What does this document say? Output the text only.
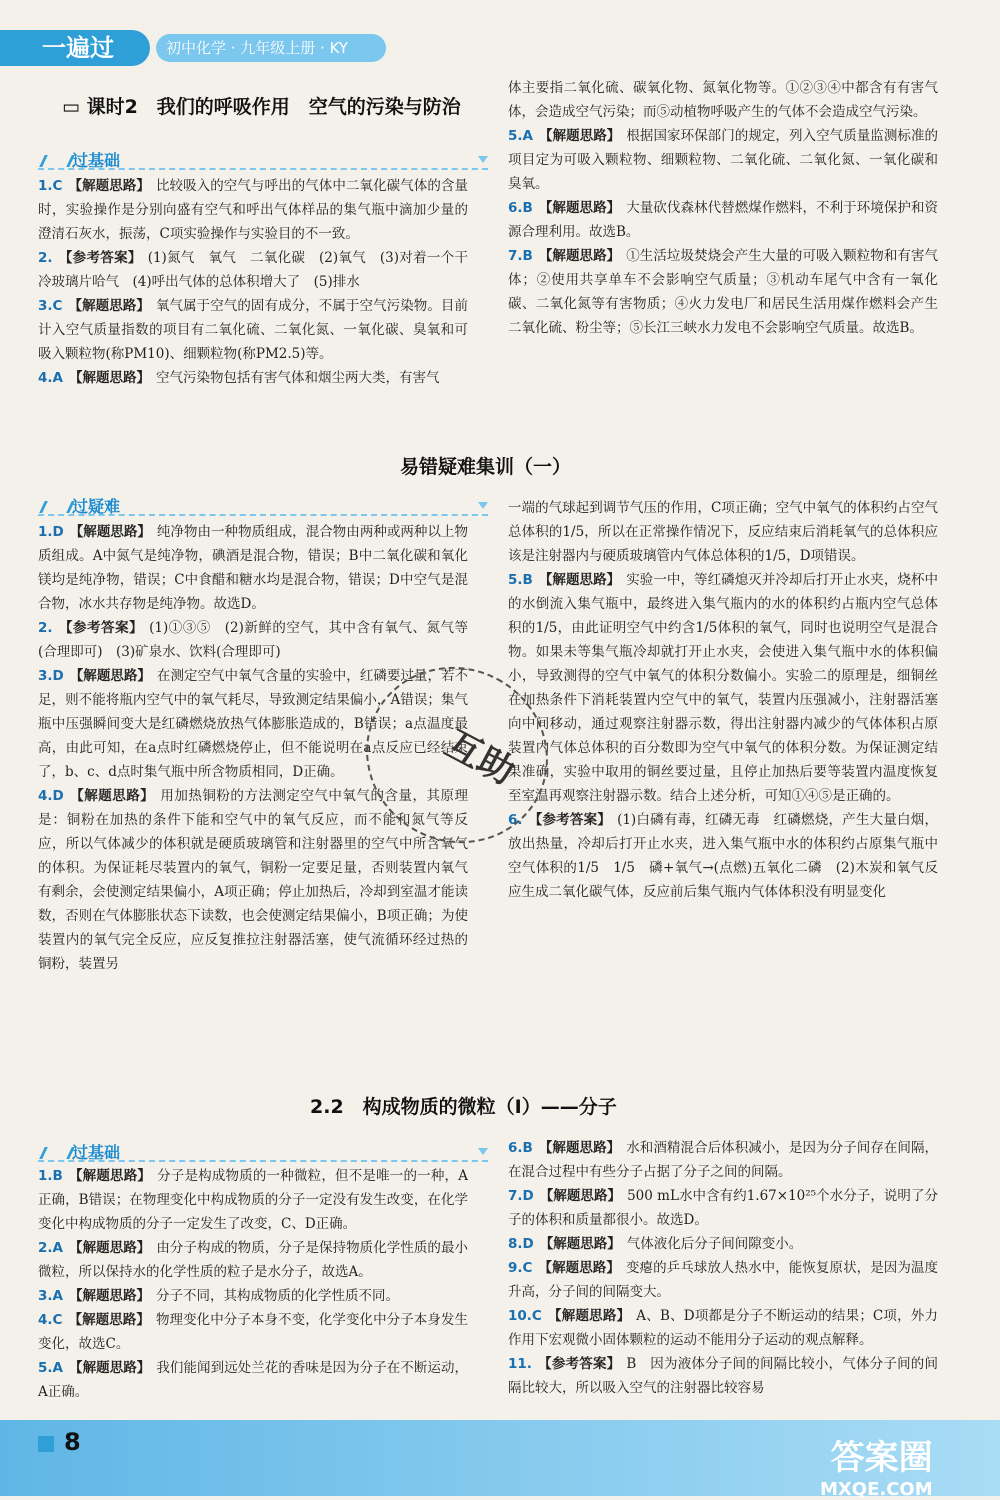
一遍过	初中化学 · 九年级上册 · KY
▭ 课时2　我们的呼吸作用　空气的污染与防治
过基础

1.C 【解题思路】 比较吸入的空气与呼出的气体中二氧化碳气体的含量时，实验操作是分别向盛有空气和呼出气体样品的集气瓶中滴加少量的澄清石灰水，振荡，C项实验操作与实验目的不一致。

2. 【参考答案】 (1)氮气　氧气　二氧化碳　(2)氧气　(3)对着一个干冷玻璃片哈气　(4)呼出气体的总体积增大了　(5)排水

3.C 【解题思路】 氧气属于空气的固有成分，不属于空气污染物。目前计入空气质量指数的项目有二氧化硫、二氧化氮、一氧化碳、臭氧和可吸入颗粒物(称PM10)、细颗粒物(称PM2.5)等。

4.A 【解题思路】 空气污染物包括有害气体和烟尘两大类，有害气

体主要指二氧化硫、碳氧化物、氮氧化物等。①②③④中都含有有害气体，会造成空气污染；而⑤动植物呼吸产生的气体不会造成空气污染。

5.A 【解题思路】 根据国家环保部门的规定，列入空气质量监测标准的项目定为可吸入颗粒物、细颗粒物、二氧化硫、二氧化氮、一氧化碳和臭氧。

6.B 【解题思路】 大量砍伐森林代替燃煤作燃料，不利于环境保护和资源合理利用。故选B。

7.B 【解题思路】 ①生活垃圾焚烧会产生大量的可吸入颗粒物和有害气体；②使用共享单车不会影响空气质量；③机动车尾气中含有一氧化碳、二氧化氮等有害物质；④火力发电厂和居民生活用煤作燃料会产生二氧化硫、粉尘等；⑤长江三峡水力发电不会影响空气质量。故选B。

易错疑难集训（一）
过疑难

1.D 【解题思路】 纯净物由一种物质组成，混合物由两种或两种以上物质组成。A中氮气是纯净物，碘酒是混合物，错误；B中二氧化碳和氧化镁均是纯净物，错误；C中食醋和糖水均是混合物，错误；D中空气是混合物，冰水共存物是纯净物。故选D。

2. 【参考答案】 (1)①③⑤　(2)新鲜的空气，其中含有氧气、氮气等(合理即可)　(3)矿泉水、饮料(合理即可)

3.D 【解题思路】 在测定空气中氧气含量的实验中，红磷要过量，若不足，则不能将瓶内空气中的氧气耗尽，导致测定结果偏小，A错误；集气瓶中压强瞬间变大是红磷燃烧放热气体膨胀造成的，B错误；a点温度最高，由此可知，在a点时红磷燃烧停止，但不能说明在a点反应已经结束了，b、c、d点时集气瓶中所含物质相同，D正确。

4.D 【解题思路】 用加热铜粉的方法测定空气中氧气的含量，其原理是：铜粉在加热的条件下能和空气中的氧气反应，而不能和氮气等反应，所以气体减少的体积就是硬质玻璃管和注射器里的空气中所含氧气的体积。为保证耗尽装置内的氧气，铜粉一定要足量，否则装置内氧气有剩余，会使测定结果偏小，A项正确；停止加热后，冷却到室温才能读数，否则在气体膨胀状态下读数，也会使测定结果偏小，B项正确；为使装置内的氧气完全反应，应反复推拉注射器活塞，使气流循环经过热的铜粉，装置另

一端的气球起到调节气压的作用，C项正确；空气中氧气的体积约占空气总体积的1/5，所以在正常操作情况下，反应结束后消耗氧气的总体积应该是注射器内与硬质玻璃管内气体总体积的1/5，D项错误。

5.B 【解题思路】 实验一中，等红磷熄灭并冷却后打开止水夹，烧杯中的水倒流入集气瓶中，最终进入集气瓶内的水的体积约占瓶内空气总体积的1/5，由此证明空气中约含1/5体积的氧气，同时也说明空气是混合物。如果未等集气瓶冷却就打开止水夹，会使进入集气瓶中水的体积偏小，导致测得的空气中氧气的体积分数偏小。实验二的原理是，细铜丝在加热条件下消耗装置内空气中的氧气，装置内压强减小，注射器活塞向中间移动，通过观察注射器示数，得出注射器内减少的气体体积占原装置内气体总体积的百分数即为空气中氧气的体积分数。为保证测定结果准确，实验中取用的铜丝要过量，且停止加热后要等装置内温度恢复至室温再观察注射器示数。结合上述分析，可知①④⑤是正确的。

6. 【参考答案】 (1)白磷有毒，红磷无毒　红磷燃烧，产生大量白烟，放出热量，冷却后打开止水夹，进入集气瓶中水的体积约占原集气瓶中空气体积的1/5　1/5　磷+氧气→(点燃)五氧化二磷　(2)木炭和氧气反应生成二氧化碳气体，反应前后集气瓶内气体体积没有明显变化

2.2　构成物质的微粒（Ⅰ）——分子
过基础

1.B 【解题思路】 分子是构成物质的一种微粒，但不是唯一的一种，A正确，B错误；在物理变化中构成物质的分子一定没有发生改变，在化学变化中构成物质的分子一定发生了改变，C、D正确。

2.A 【解题思路】 由分子构成的物质，分子是保持物质化学性质的最小微粒，所以保持水的化学性质的粒子是水分子，故选A。

3.A 【解题思路】 分子不同，其构成物质的化学性质不同。

4.C 【解题思路】 物理变化中分子本身不变，化学变化中分子本身发生变化，故选C。

5.A 【解题思路】 我们能闻到远处兰花的香味是因为分子在不断运动，A正确。

6.B 【解题思路】 水和酒精混合后体积减小，是因为分子间存在间隔，在混合过程中有些分子占据了分子之间的间隔。

7.D 【解题思路】 500 mL水中含有约1.67×10²⁵个水分子，说明了分子的体积和质量都很小。故选D。

8.D 【解题思路】 气体液化后分子间间隙变小。

9.C 【解题思路】 变瘪的乒乓球放人热水中，能恢复原状，是因为温度升高，分子间的间隔变大。

10.C 【解题思路】 A、B、D项都是分子不断运动的结果；C项，外力作用下宏观微小固体颗粒的运动不能用分子运动的观点解释。

11. 【参考答案】 B　因为液体分子间的间隔比较小，气体分子间的间隔比较大，所以吸入空气的注射器比较容易

互助
8	答案圈
MXQE.COM
